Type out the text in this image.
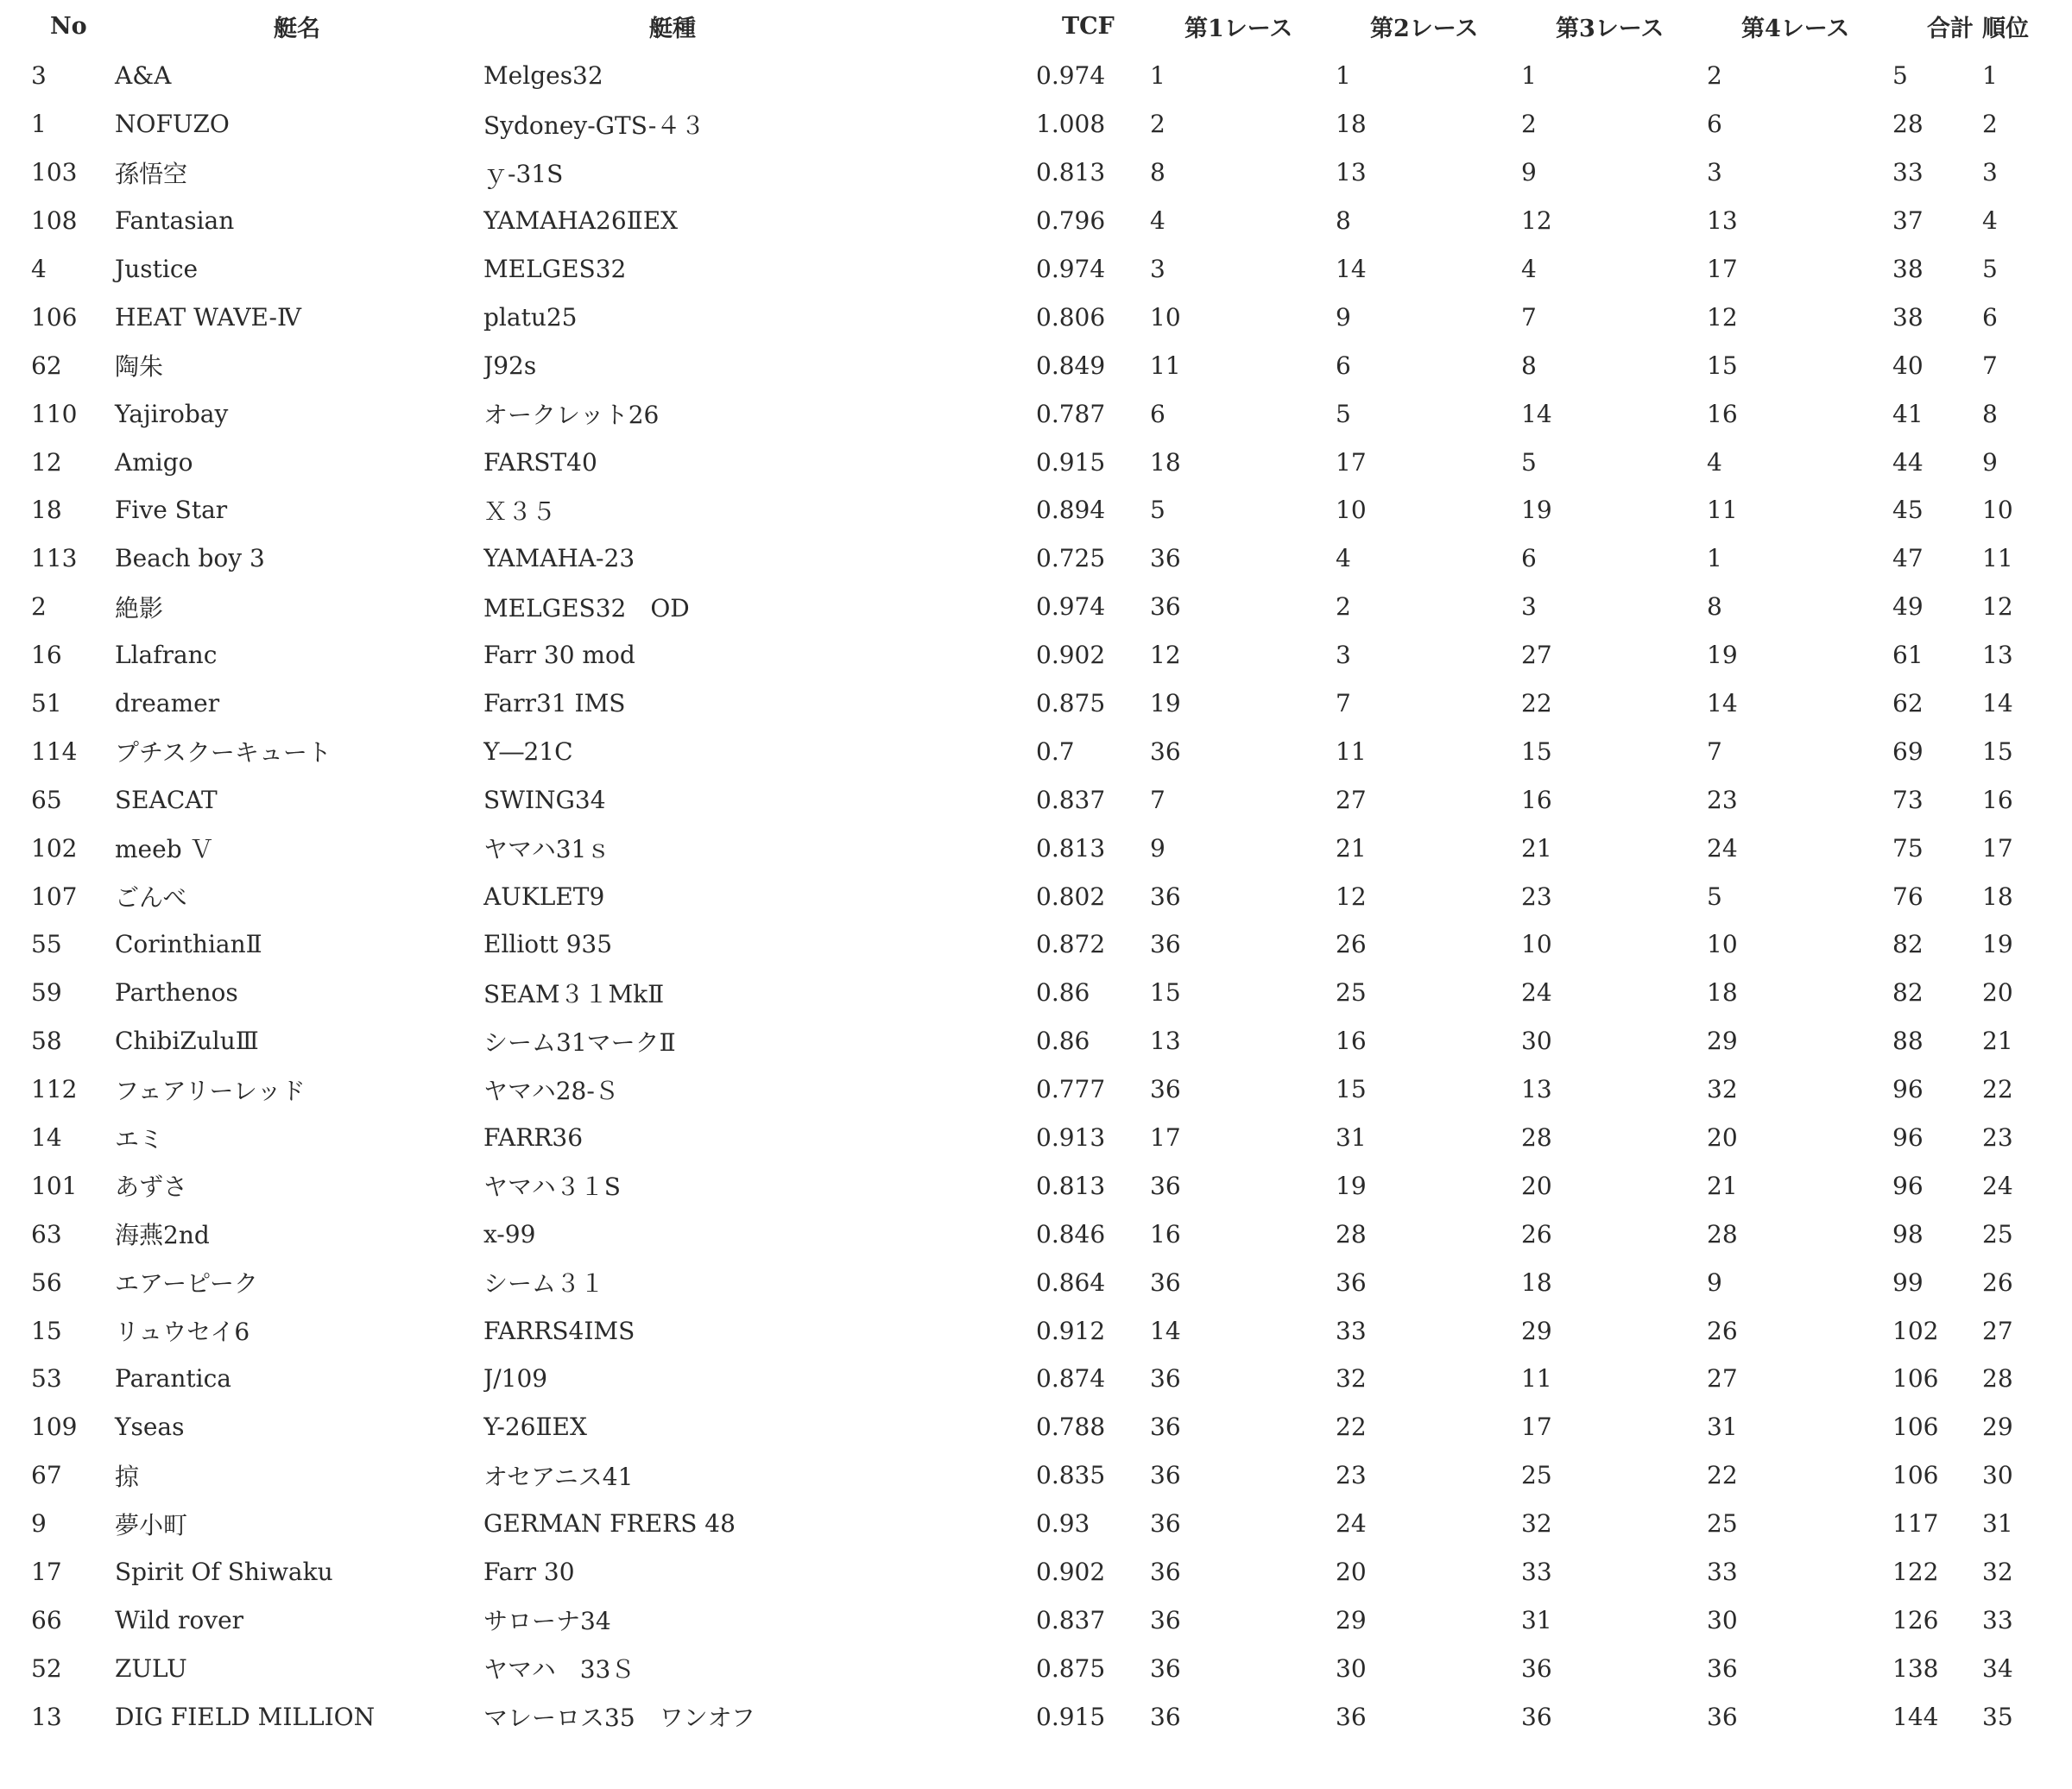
No	艇名	艇種	TCF	第1レース	第2レース	第3レース	第4レース	合計	順位
3	A&A	Melges32	0.974	1	1	1	2	5	1
1	NOFUZO	Sydoney-GTS-４３	1.008	2	18	2	6	28	2
103	孫悟空	ｙ-31S	0.813	8	13	9	3	33	3
108	Fantasian	YAMAHA26ⅡEX	0.796	4	8	12	13	37	4
4	Justice	MELGES32	0.974	3	14	4	17	38	5
106	HEAT WAVE-Ⅳ	platu25	0.806	10	9	7	12	38	6
62	陶朱	J92s	0.849	11	6	8	15	40	7
110	Yajirobay	オークレット26	0.787	6	5	14	16	41	8
12	Amigo	FARST40	0.915	18	17	5	4	44	9
18	Five Star	Ｘ３５	0.894	5	10	19	11	45	10
113	Beach boy 3	YAMAHA-23	0.725	36	4	6	1	47	11
2	絶影	MELGES32　OD	0.974	36	2	3	8	49	12
16	Llafranc	Farr 30 mod	0.902	12	3	27	19	61	13
51	dreamer	Farr31 IMS	0.875	19	7	22	14	62	14
114	プチスクーキュート	Y―21C	0.7	36	11	15	7	69	15
65	SEACAT	SWING34	0.837	7	27	16	23	73	16
102	meeb Ｖ	ヤマハ31ｓ	0.813	9	21	21	24	75	17
107	ごんべ	AUKLET9	0.802	36	12	23	5	76	18
55	CorinthianⅡ	Elliott 935	0.872	36	26	10	10	82	19
59	Parthenos	SEAM３１MkⅡ	0.86	15	25	24	18	82	20
58	ChibiZuluⅢ	シーム31マークⅡ	0.86	13	16	30	29	88	21
112	フェアリーレッド	ヤマハ28-Ｓ	0.777	36	15	13	32	96	22
14	エミ	FARR36	0.913	17	31	28	20	96	23
101	あずさ	ヤマハ３１S	0.813	36	19	20	21	96	24
63	海燕2nd	x-99	0.846	16	28	26	28	98	25
56	エアーピーク	シーム３１	0.864	36	36	18	9	99	26
15	リュウセイ6	FARRS4IMS	0.912	14	33	29	26	102	27
53	Parantica	J/109	0.874	36	32	11	27	106	28
109	Yseas	Y-26ⅡEX	0.788	36	22	17	31	106	29
67	掠	オセアニス41	0.835	36	23	25	22	106	30
9	夢小町	GERMAN FRERS 48	0.93	36	24	32	25	117	31
17	Spirit Of Shiwaku	Farr 30	0.902	36	20	33	33	122	32
66	Wild rover	サローナ34	0.837	36	29	31	30	126	33
52	ZULU	ヤマハ　33Ｓ	0.875	36	30	36	36	138	34
13	DIG FIELD MILLION	マレーロス35　ワンオフ	0.915	36	36	36	36	144	35
